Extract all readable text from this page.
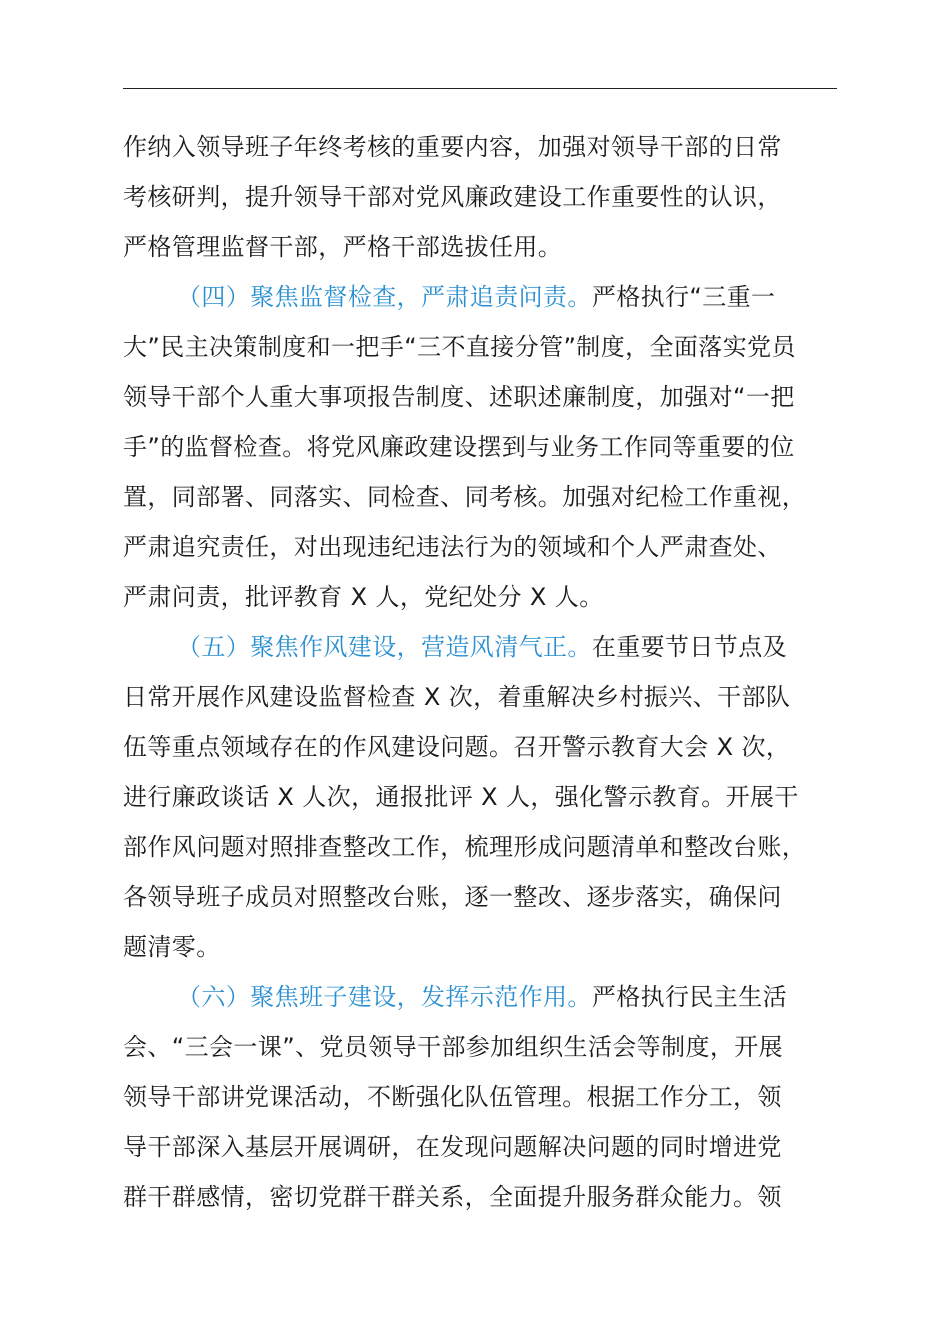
作纳入领导班子年终考核的重要内容，加强对领导干部的日常
考核研判，提升领导干部对党风廉政建设工作重要性的认识，
严格管理监督干部，严格干部选拔任用。

（四）聚焦监督检查，严肃追责问责。严格执行“三重一
大”民主决策制度和一把手“三不直接分管”制度，全面落实党员
领导干部个人重大事项报告制度、述职述廉制度，加强对“一把
手”的监督检查。将党风廉政建设摆到与业务工作同等重要的位
置，同部署、同落实、同检查、同考核。加强对纪检工作重视，
严肃追究责任，对出现违纪违法行为的领域和个人严肃查处、
严肃问责，批评教育 X 人，党纪处分 X 人。

（五）聚焦作风建设，营造风清气正。在重要节日节点及
日常开展作风建设监督检查 X 次，着重解决乡村振兴、干部队
伍等重点领域存在的作风建设问题。召开警示教育大会 X 次，
进行廉政谈话 X 人次，通报批评 X 人，强化警示教育。开展干
部作风问题对照排查整改工作，梳理形成问题清单和整改台账，
各领导班子成员对照整改台账，逐一整改、逐步落实，确保问
题清零。

（六）聚焦班子建设，发挥示范作用。严格执行民主生活
会、“三会一课”、党员领导干部参加组织生活会等制度，开展
领导干部讲党课活动，不断强化队伍管理。根据工作分工，领
导干部深入基层开展调研，在发现问题解决问题的同时增进党
群干群感情，密切党群干群关系，全面提升服务群众能力。领
